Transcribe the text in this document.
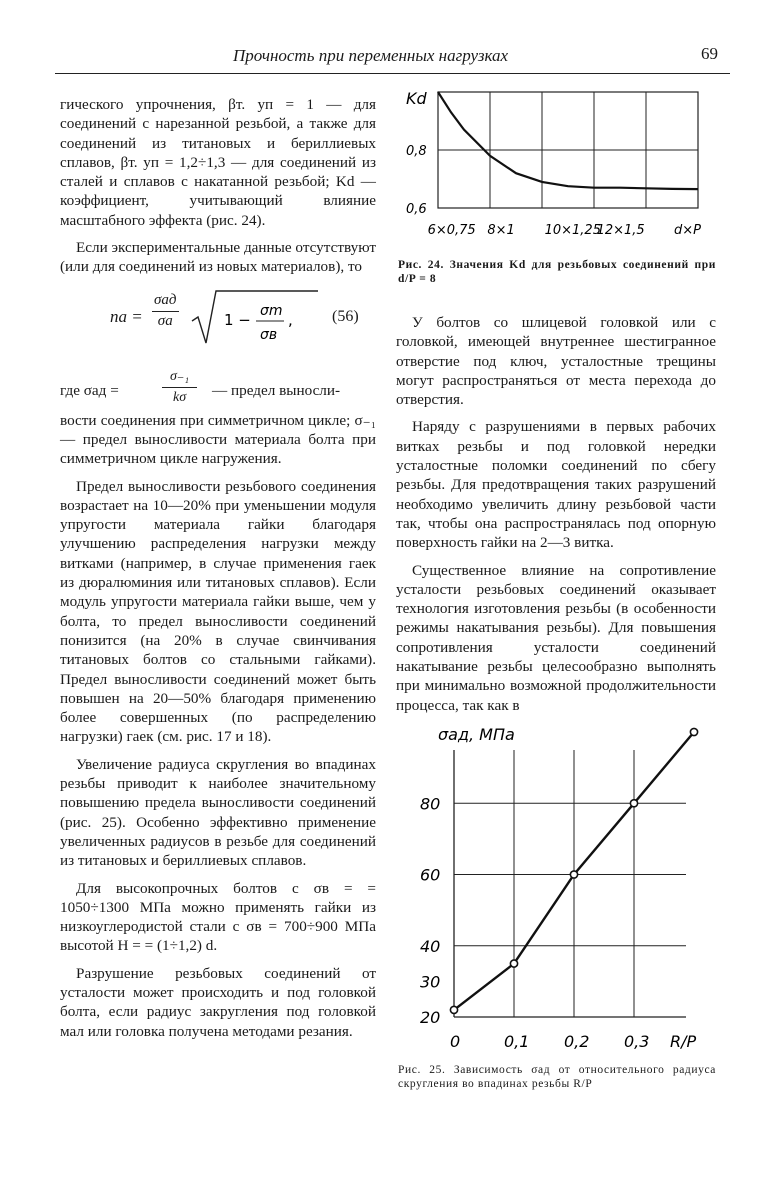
Прочность при переменных нагрузках	69

гического упрочнения, βт. уп = 1 — для соединений с нарезанной резьбой, а также для соединений из титановых и бериллиевых сплавов, βт. уп = 1,2÷1,3 — для соединений из сталей и сплавов с накатанной резьбой; Kd — коэффициент, учитывающий влияние масштабного эффекта (рис. 24).

Если экспериментальные данные отсутствуют (или для соединений из новых материалов), то

nа =
σад
σа	1 − σm
σв
, (56)
где σад =	$\frac{\text{σ₋₁}}{k\sigma}$ — предел выносли-

вости соединения при симметричном цикле; σ₋₁ — предел выносливости материала болта при симметричном цикле нагружения.

Предел выносливости резьбового соединения возрастает на 10—20% при уменьшении модуля упругости материала гайки благодаря улучшению распределения нагрузки между витками (например, в случае применения гаек из дюралюминия или титановых сплавов). Если модуль упругости материала гайки выше, чем у болта, то предел выносливости соединений понизится (на 20% в случае свинчивания титановых болтов со стальными гайками). Предел выносливости соединений может быть повышен на 20—50% благодаря применению более совершенных (по распределению нагрузки) гаек (см. рис. 17 и 18).

Увеличение радиуса скругления во впадинах резьбы приводит к наиболее значительному повышению предела выносливости соединений (рис. 25). Особенно эффективно применение увеличенных радиусов в резьбе для соединений из титановых и бериллиевых сплавов.

Для высокопрочных болтов с σв = = 1050÷1300 МПа можно применять гайки из низкоуглеродистой стали с σв = 700÷900 МПа высотой H = = (1÷1,2) d.

Разрушение резьбовых соединений от усталости может происходить и под головкой болта, если радиус закругления под головкой мал или головка получена методами резания.

Kd
0,6
0,8
6×0,75 8×1 10×1,25
12×1,5 d×P
Рис. 24. Значения Kd для резьбовых соединений при d/P = 8

У болтов со шлицевой головкой или с головкой, имеющей внутреннее шестигранное отверстие под ключ, усталостные трещины могут распространяться от места перехода до отверстия.

Наряду с разрушениями в первых рабочих витках резьбы и под головкой нередки усталостные поломки соединений по сбегу резьбы. Для предотвращения таких разрушений необходимо увеличить длину резьбовой части так, чтобы она распространялась под опорную поверхность гайки на 2—3 витка.

Существенное влияние на сопротивление усталости резьбовых соединений оказывает технология изготовления резьбы (в особенности режимы накатывания резьбы). Для повышения сопротивления усталости соединений накатывание резьбы целесообразно выполнять при минимально возможной продолжительности процесса, так как в

σад, МПа
20
30
40
60
80
0	0,1 0,2 0,3 R/P
Рис. 25. Зависимость σад от относительного радиуса скругления во впадинах резьбы R/P
